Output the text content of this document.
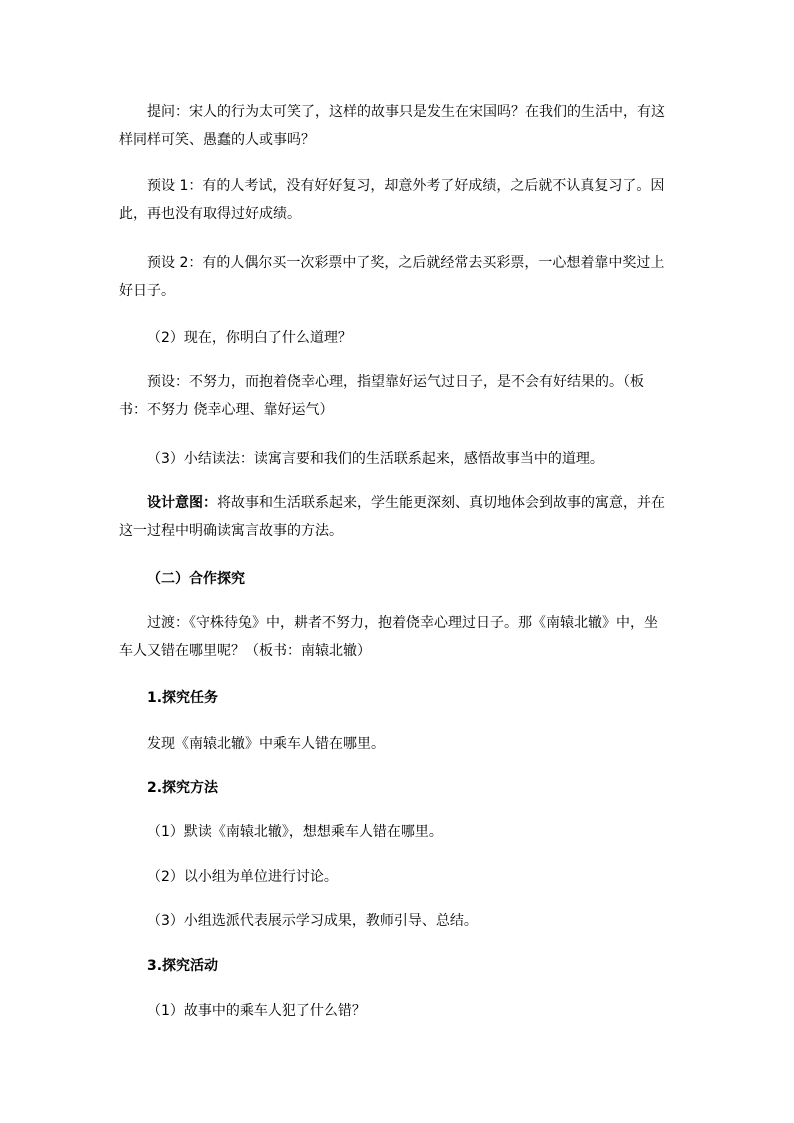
提问：宋人的行为太可笑了，这样的故事只是发生在宋国吗？在我们的生活中，有这
样同样可笑、愚蠢的人或事吗？

预设 1：有的人考试，没有好好复习，却意外考了好成绩，之后就不认真复习了。因
此，再也没有取得过好成绩。

预设 2：有的人偶尔买一次彩票中了奖，之后就经常去买彩票，一心想着靠中奖过上
好日子。

（2）现在，你明白了什么道理？

预设：不努力，而抱着侥幸心理，指望靠好运气过日子，是不会有好结果的。（板
书：不努力 侥幸心理、靠好运气）

（3）小结读法：读寓言要和我们的生活联系起来，感悟故事当中的道理。

设计意图：将故事和生活联系起来，学生能更深刻、真切地体会到故事的寓意，并在
这一过程中明确读寓言故事的方法。

（二）合作探究

过渡：《守株待兔》中，耕者不努力，抱着侥幸心理过日子。那《南辕北辙》中，坐
车人又错在哪里呢？（板书：南辕北辙）

1.探究任务

发现《南辕北辙》中乘车人错在哪里。

2.探究方法

（1）默读《南辕北辙》，想想乘车人错在哪里。

（2）以小组为单位进行讨论。

（3）小组选派代表展示学习成果，教师引导、总结。

3.探究活动

（1）故事中的乘车人犯了什么错？
